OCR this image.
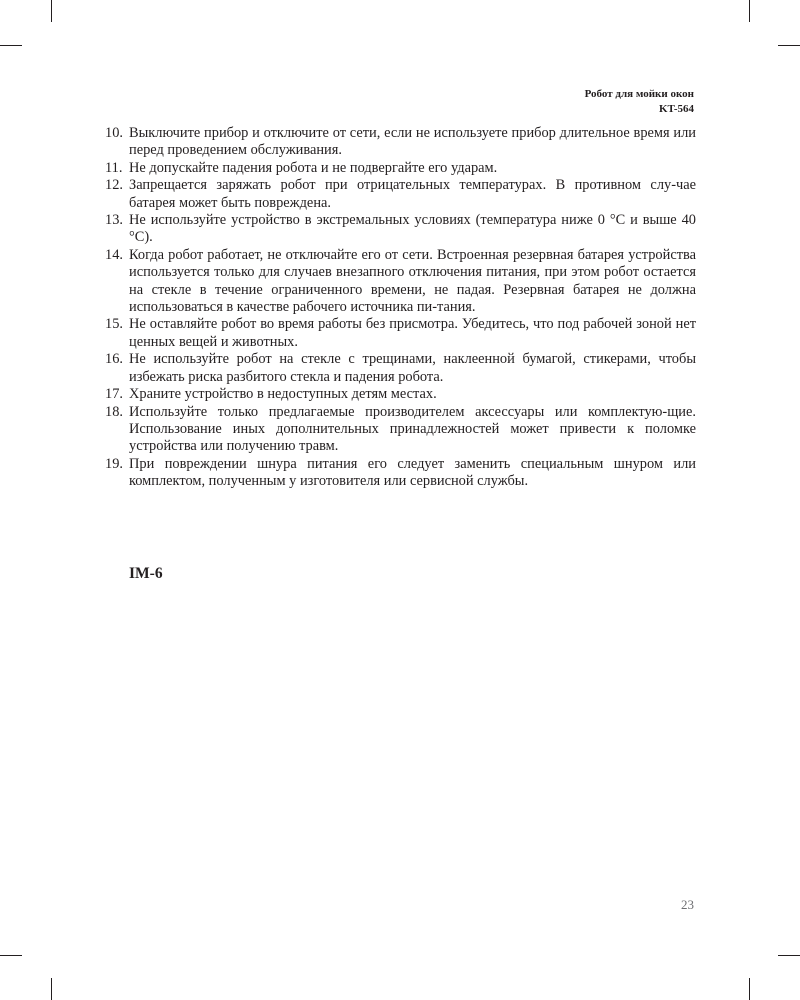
Робот для мойки окон
KT-564
10. Выключите прибор и отключите от сети, если не используете прибор длительное время или перед проведением обслуживания.
11. Не допускайте падения робота и не подвергайте его ударам.
12. Запрещается заряжать робот при отрицательных температурах. В противном слу-чае батарея может быть повреждена.
13. Не используйте устройство в экстремальных условиях (температура ниже 0 °C и выше 40 °C).
14. Когда робот работает, не отключайте его от сети. Встроенная резервная батарея устройства используется только для случаев внезапного отключения питания, при этом робот остается на стекле в течение ограниченного времени, не падая. Резервная батарея не должна использоваться в качестве рабочего источника пи-тания.
15. Не оставляйте робот во время работы без присмотра. Убедитесь, что под рабочей зоной нет ценных вещей и животных.
16. Не используйте робот на стекле с трещинами, наклеенной бумагой, стикерами, чтобы избежать риска разбитого стекла и падения робота.
17. Храните устройство в недоступных детям местах.
18. Используйте только предлагаемые производителем аксессуары или комплектую-щие. Использование иных дополнительных принадлежностей может привести к поломке устройства или получению травм.
19. При повреждении шнура питания его следует заменить специальным шнуром или комплектом, полученным у изготовителя или сервисной службы.
IM-6
23
